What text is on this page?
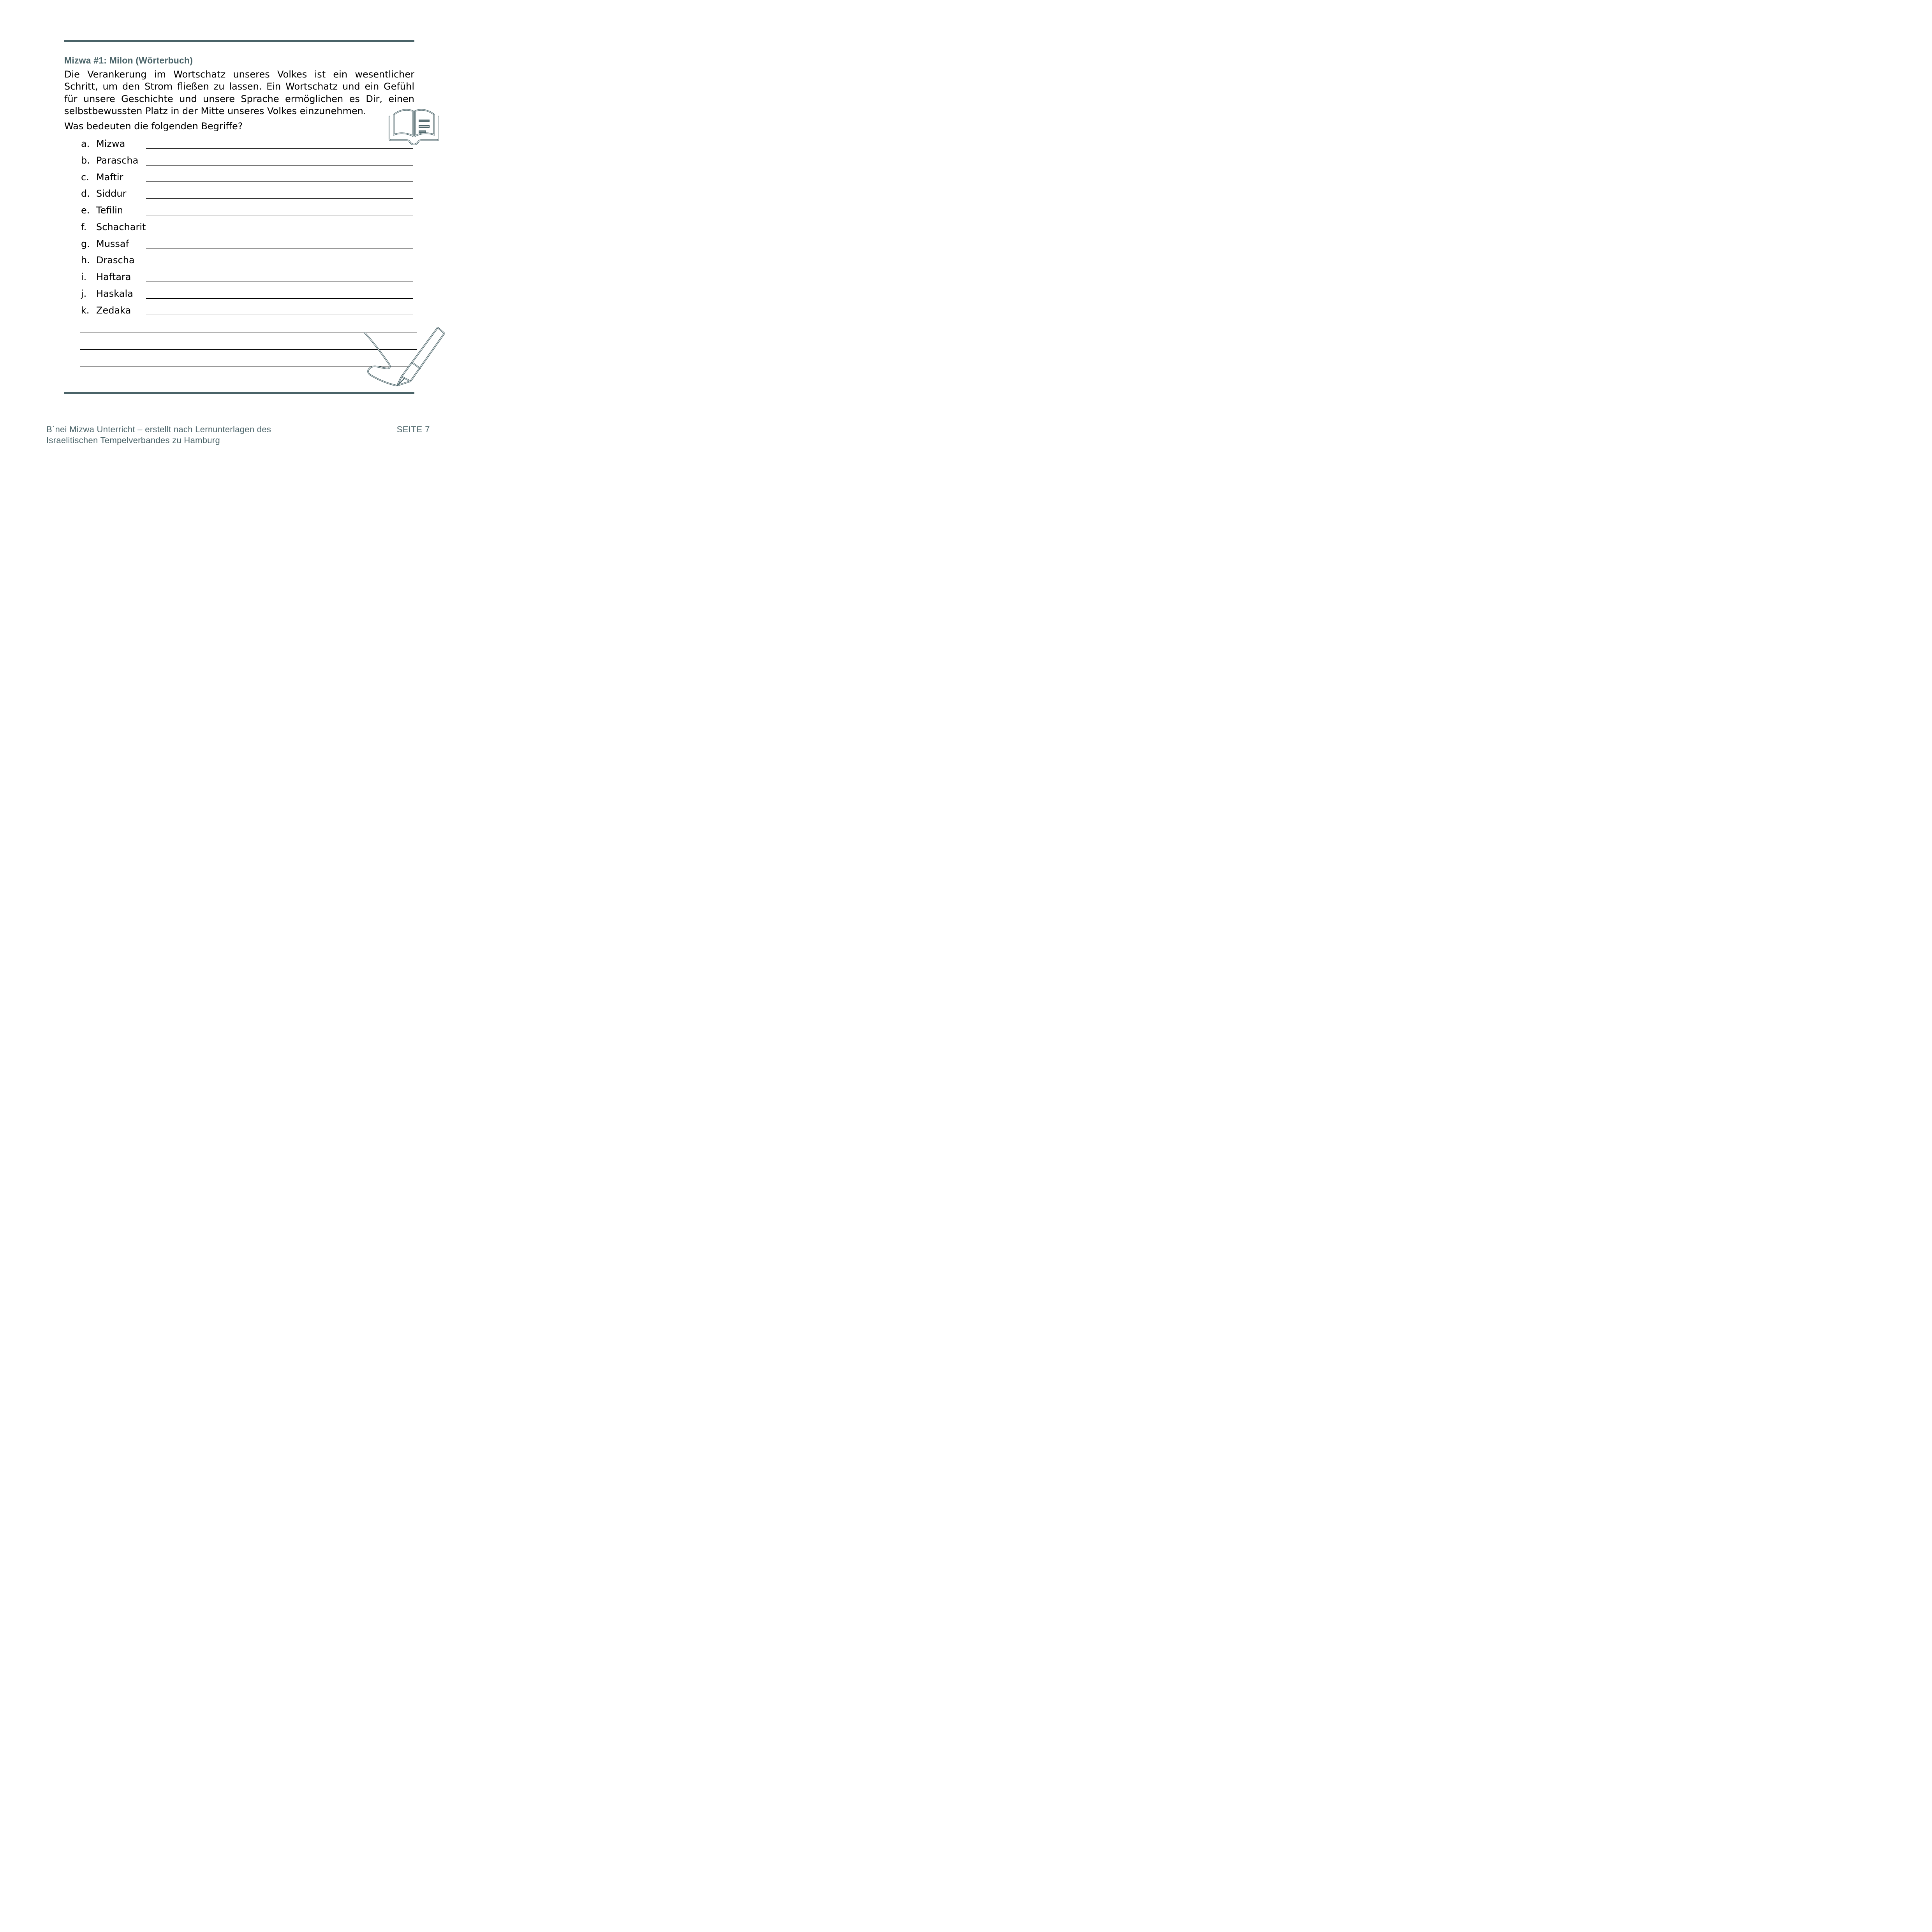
Mizwa #1: Milon (Wörterbuch)
Die Verankerung im Wortschatz unseres Volkes ist ein wesentlicher
Schritt, um den Strom fließen zu lassen. Ein Wortschatz und ein Gefühl
für unsere Geschichte und unsere Sprache ermöglichen es Dir, einen
selbstbewussten Platz in der Mitte unseres Volkes einzunehmen.
Was bedeuten die folgenden Begriffe?
a. Mizwa
b. Parascha
c. Maftir
d. Siddur
e. Tefilin
f.	Schacharit
g. Mussaf
h. Drascha
i.	Haftara
j.	Haskala
k. Zedaka
B`nei Mizwa Unterricht – erstellt nach Lernunterlagen des
Israelitischen Tempelverbandes zu Hamburg
SEITE 7
